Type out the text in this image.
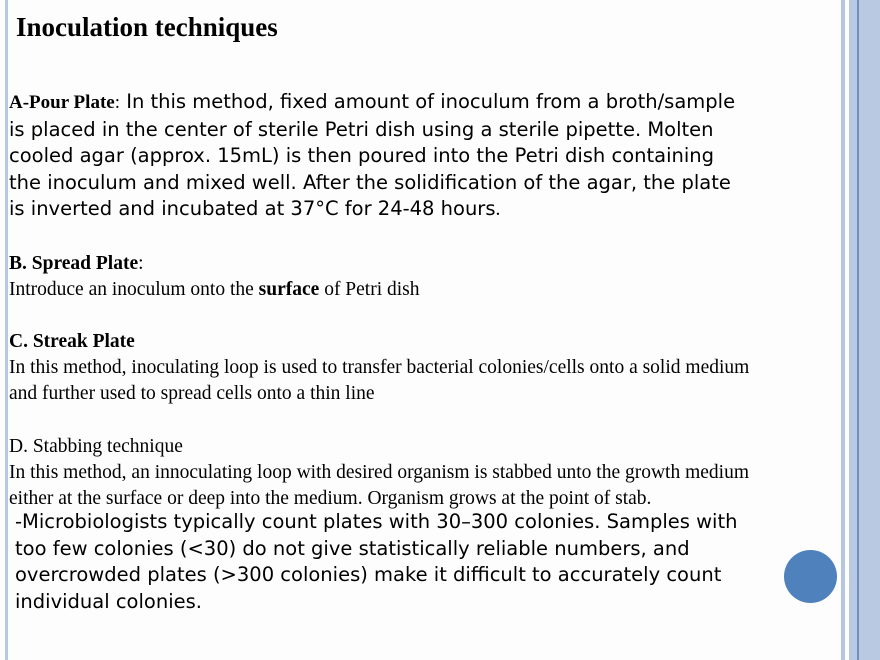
Inoculation techniques

A-Pour Plate: In this method, fixed amount of inoculum from a broth/sample
is placed in the center of sterile Petri dish using a sterile pipette. Molten
cooled agar (approx. 15mL) is then poured into the Petri dish containing
the inoculum and mixed well. After the solidification of the agar, the plate
is inverted and incubated at 37°C for 24-48 hours.

B. Spread Plate:
Introduce an inoculum onto the surface of Petri dish

C. Streak Plate
In this method, inoculating loop is used to transfer bacterial colonies/cells onto a solid medium
and further used to spread cells onto a thin line

D. Stabbing technique
In this method, an innoculating loop with desired organism is stabbed unto the growth medium
either at the surface or deep into the medium. Organism grows at the point of stab.

-Microbiologists typically count plates with 30–300 colonies. Samples with
too few colonies (<30) do not give statistically reliable numbers, and
overcrowded plates (>300 colonies) make it difficult to accurately count
individual colonies.
